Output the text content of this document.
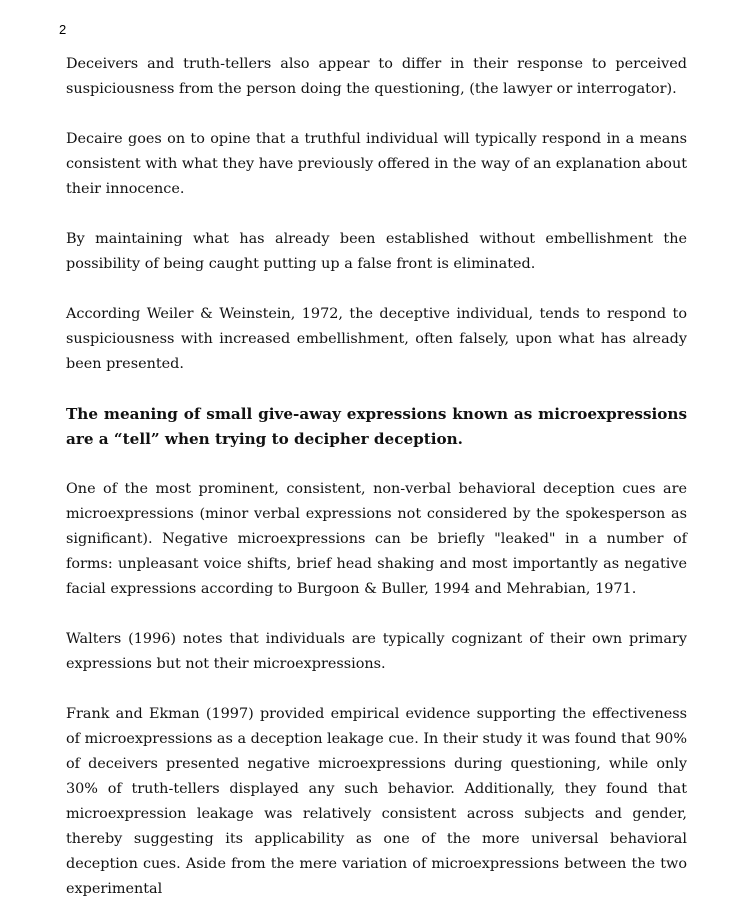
2

Deceivers and truth-tellers also appear to differ in their response to perceived suspiciousness from the person doing the questioning, (the lawyer or interrogator).

Decaire goes on to opine that a truthful individual will typically respond in a means consistent with what they have previously offered in the way of an explanation about their innocence.

By maintaining what has already been established without embellishment the possibility of being caught putting up a false front is eliminated.

According Weiler & Weinstein, 1972, the deceptive individual, tends to respond to suspiciousness with increased embellishment, often falsely, upon what has already been presented.

The meaning of small give-away expressions known as microexpressions are a “tell” when trying to decipher deception.

One of the most prominent, consistent, non-verbal behavioral deception cues are microexpressions (minor verbal expressions not considered by the spokesperson as significant). Negative microexpressions can be briefly "leaked" in a number of forms: unpleasant voice shifts, brief head shaking and most importantly as negative facial expressions according to Burgoon & Buller, 1994 and Mehrabian, 1971.

Walters (1996) notes that individuals are typically cognizant of their own primary expressions but not their microexpressions.

Frank and Ekman (1997) provided empirical evidence supporting the effectiveness of microexpressions as a deception leakage cue. In their study it was found that 90% of deceivers presented negative microexpressions during questioning, while only 30% of truth-tellers displayed any such behavior. Additionally, they found that microexpression leakage was relatively consistent across subjects and gender, thereby suggesting its applicability as one of the more universal behavioral deception cues. Aside from the mere variation of microexpressions between the two experimental
